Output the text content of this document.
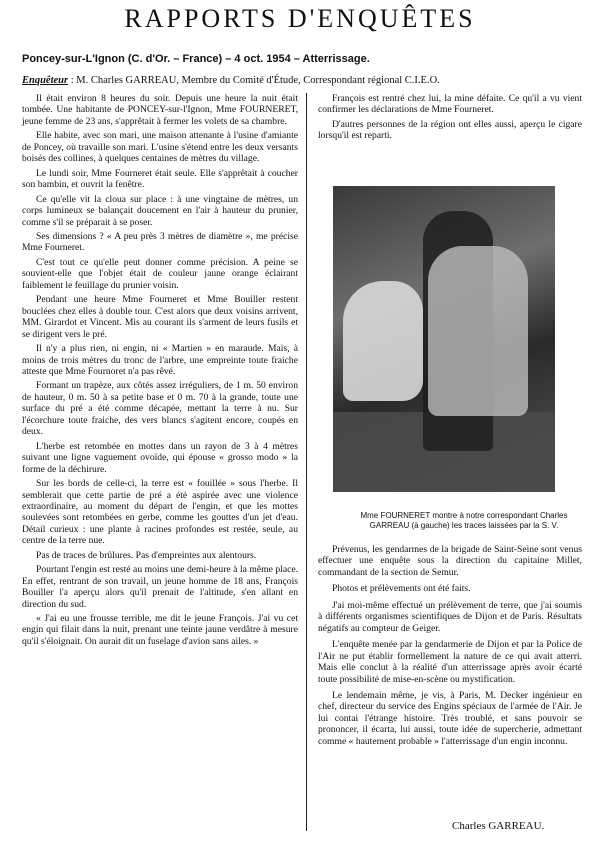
RAPPORTS D'ENQUÊTES
Poncey-sur-L'Ignon (C. d'Or. – France) – 4 oct. 1954 – Atterrissage.
Enquêteur : M. Charles GARREAU, Membre du Comité d'Étude, Correspondant régional C.I.E.O.

Il était environ 8 heures du soir. Depuis une heure la nuit était tombée. Une habitante de PONCEY-sur-l'Ignon, Mme FOURNERET, jeune femme de 23 ans, s'apprêtait à fermer les volets de sa chambre.

Elle habite, avec son mari, une maison attenante à l'usine d'amiante de Poncey, où travaille son mari. L'usine s'étend entre les deux versants boisés des collines, à quelques centaines de mètres du village.

Le lundi soir, Mme Fourneret était seule. Elle s'apprêtait à coucher son bambin, et ouvrit la fenêtre.

Ce qu'elle vit la cloua sur place : à une vingtaine de mètres, un corps lumineux se balançait doucement en l'air à hauteur du prunier, comme s'il se préparait à se poser.

Ses dimensions ? « A peu près 3 mètres de diamètre », me précise Mme Fourneret.

C'est tout ce qu'elle peut donner comme précision. A peine se souvient-elle que l'objet était de couleur jaune orange éclairant faiblement le feuillage du prunier voisin.

Pendant une heure Mme Fourneret et Mme Bouiller restent bouclées chez elles à double tour. C'est alors que deux voisins arrivent, MM. Girardot et Vincent. Mis au courant ils s'arment de leurs fusils et se dirigent vers le pré.

Il n'y a plus rien, ni engin, ni « Martien » en maraude. Mais, à moins de trois mètres du tronc de l'arbre, une empreinte toute fraiche atteste que Mme Fournoret n'a pas rêvé.

Formant un trapèze, aux côtés assez irréguliers, de 1 m. 50 environ de hauteur, 0 m. 50 à sa petite base et 0 m. 70 à la grande, toute une surface du pré a été comme décapée, mettant la terre à nu. Sur l'écorchure toute fraiche, des vers blancs s'agitent encore, coupés en deux.

L'herbe est retombée en mottes dans un rayon de 3 à 4 mètres suivant une ligne vaguement ovoïde, qui épouse « grosso modo » la forme de la déchirure.

Sur les bords de celle-ci, la terre est « fouillée » sous l'herbe. Il semblerait que cette partie de pré a été aspirée avec une violence extraordinaire, au moment du départ de l'engin, et que les mottes soulevées sont retombées en gerbe, comme les gouttes d'un jet d'eau. Détail curieux : une plante à racines profondes est restée, seule, au centre de la terre nue.

Pas de traces de brûlures. Pas d'empreintes aux alentours.

Pourtant l'engin est resté au moins une demi-heure à la même place. En effet, rentrant de son travail, un jeune homme de 18 ans, François Bouiller l'a aperçu alors qu'il prenait de l'altitude, s'en allant en direction du sud.

« J'ai eu une frousse terrible, me dit le jeune François. J'ai vu cet engin qui filait dans la nuit, prenant une teinte jaune verdâtre à mesure qu'il s'éloignait. On aurait dit un fuselage d'avion sans ailes. »

François est rentré chez lui, la mine défaite. Ce qu'il a vu vient confirmer les déclarations de Mme Fourneret.

D'autres personnes de la région ont elles aussi, aperçu le cigare lorsqu'il est reparti.

Mme FOURNERET montre à notre correspondant Charles GARREAU (à gauche) les traces laissées par la S. V.

Prévenus, les gendarmes de la brigade de Saint-Seine sont venus effectuer une enquête sous la direction du capitaine Millet, commandant de la section de Semur.

Photos et prélèvements ont été faits.

J'ai moi-même effectué un prélèvement de terre, que j'ai soumis à différents organismes scientifiques de Dijon et de Paris. Résultats négatifs au compteur de Geiger.

L'enquête menée par la gendarmerie de Dijon et par la Police de l'Air ne put établir formellement la nature de ce qui avait atterri. Mais elle conclut à la réalité d'un atterrissage après avoir écarté toute possibilité de mise-en-scène ou mystification.

Le lendemain même, je vis, à Paris, M. Decker ingénieur en chef, directeur du service des Engins spéciaux de l'armée de l'Air. Je lui contai l'étrange histoire. Très troublé, et sans pouvoir se prononcer, il écarta, lui aussi, toute idée de supercherie, admettant comme « hautement probable » l'atterrissage d'un engin inconnu.

Charles GARREAU.
